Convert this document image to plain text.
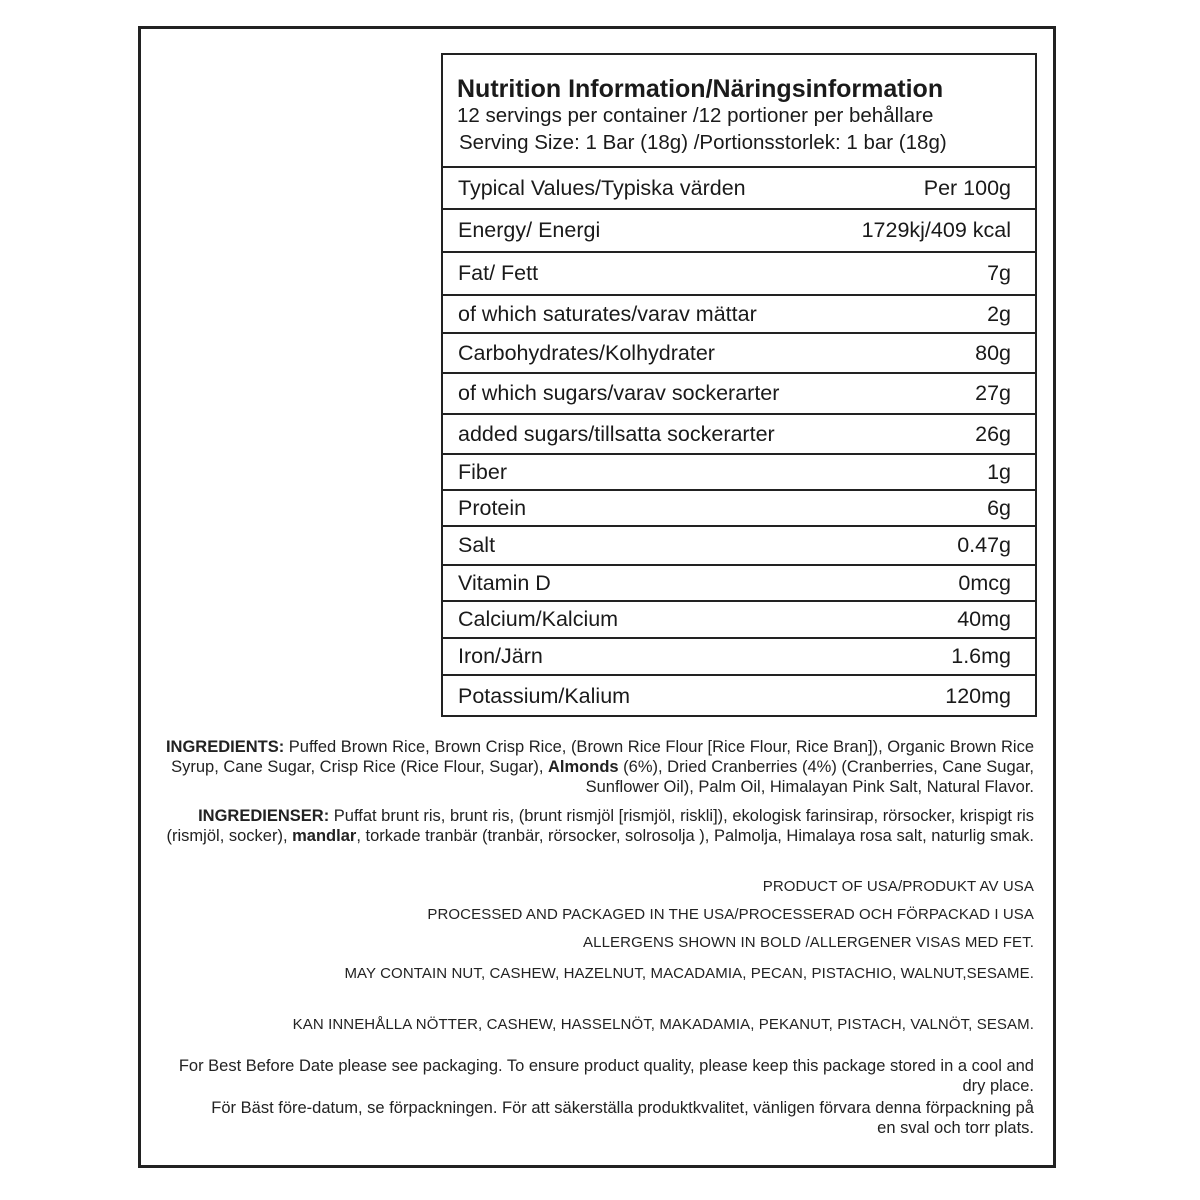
Nutrition Information/Näringsinformation
12 servings per container /12 portioner per behållare
Serving Size: 1 Bar (18g) /Portionsstorlek: 1 bar (18g)
Typical Values/Typiska värden	Per 100g
Energy/ Energi	1729kj/409 kcal
Fat/ Fett	7g
of which saturates/varav mättar	2g
Carbohydrates/Kolhydrater	80g
of which sugars/varav sockerarter	27g
added sugars/tillsatta sockerarter	26g
Fiber	1g
Protein	6g
Salt	0.47g
Vitamin D	0mcg
Calcium/Kalcium	40mg
Iron/Järn	1.6mg
Potassium/Kalium	120mg
INGREDIENTS: Puffed Brown Rice, Brown Crisp Rice, (Brown Rice Flour [Rice Flour, Rice Bran]), Organic Brown Rice Syrup, Cane Sugar, Crisp Rice (Rice Flour, Sugar), Almonds (6%), Dried Cranberries (4%) (Cranberries, Cane Sugar, Sunflower Oil), Palm Oil, Himalayan Pink Salt, Natural Flavor.
INGREDIENSER: Puffat brunt ris, brunt ris, (brunt rismjöl [rismjöl, riskli]), ekologisk farinsirap, rörsocker, krispigt ris (rismjöl, socker), mandlar, torkade tranbär (tranbär, rörsocker, solrosolja ), Palmolja, Himalaya rosa salt, naturlig smak.
PRODUCT OF USA/PRODUKT AV USA
PROCESSED AND PACKAGED IN THE USA/PROCESSERAD OCH FÖRPACKAD I USA
ALLERGENS SHOWN IN BOLD /ALLERGENER VISAS MED FET.
MAY CONTAIN NUT, CASHEW, HAZELNUT, MACADAMIA, PECAN, PISTACHIO, WALNUT,SESAME.
KAN INNEHÅLLA NÖTTER, CASHEW, HASSELNÖT, MAKADAMIA, PEKANUT, PISTACH, VALNÖT, SESAM.
For Best Before Date please see packaging. To ensure product quality, please keep this package stored in a cool and dry place.
För Bäst före-datum, se förpackningen. För att säkerställa produktkvalitet, vänligen förvara denna förpackning på en sval och torr plats.
